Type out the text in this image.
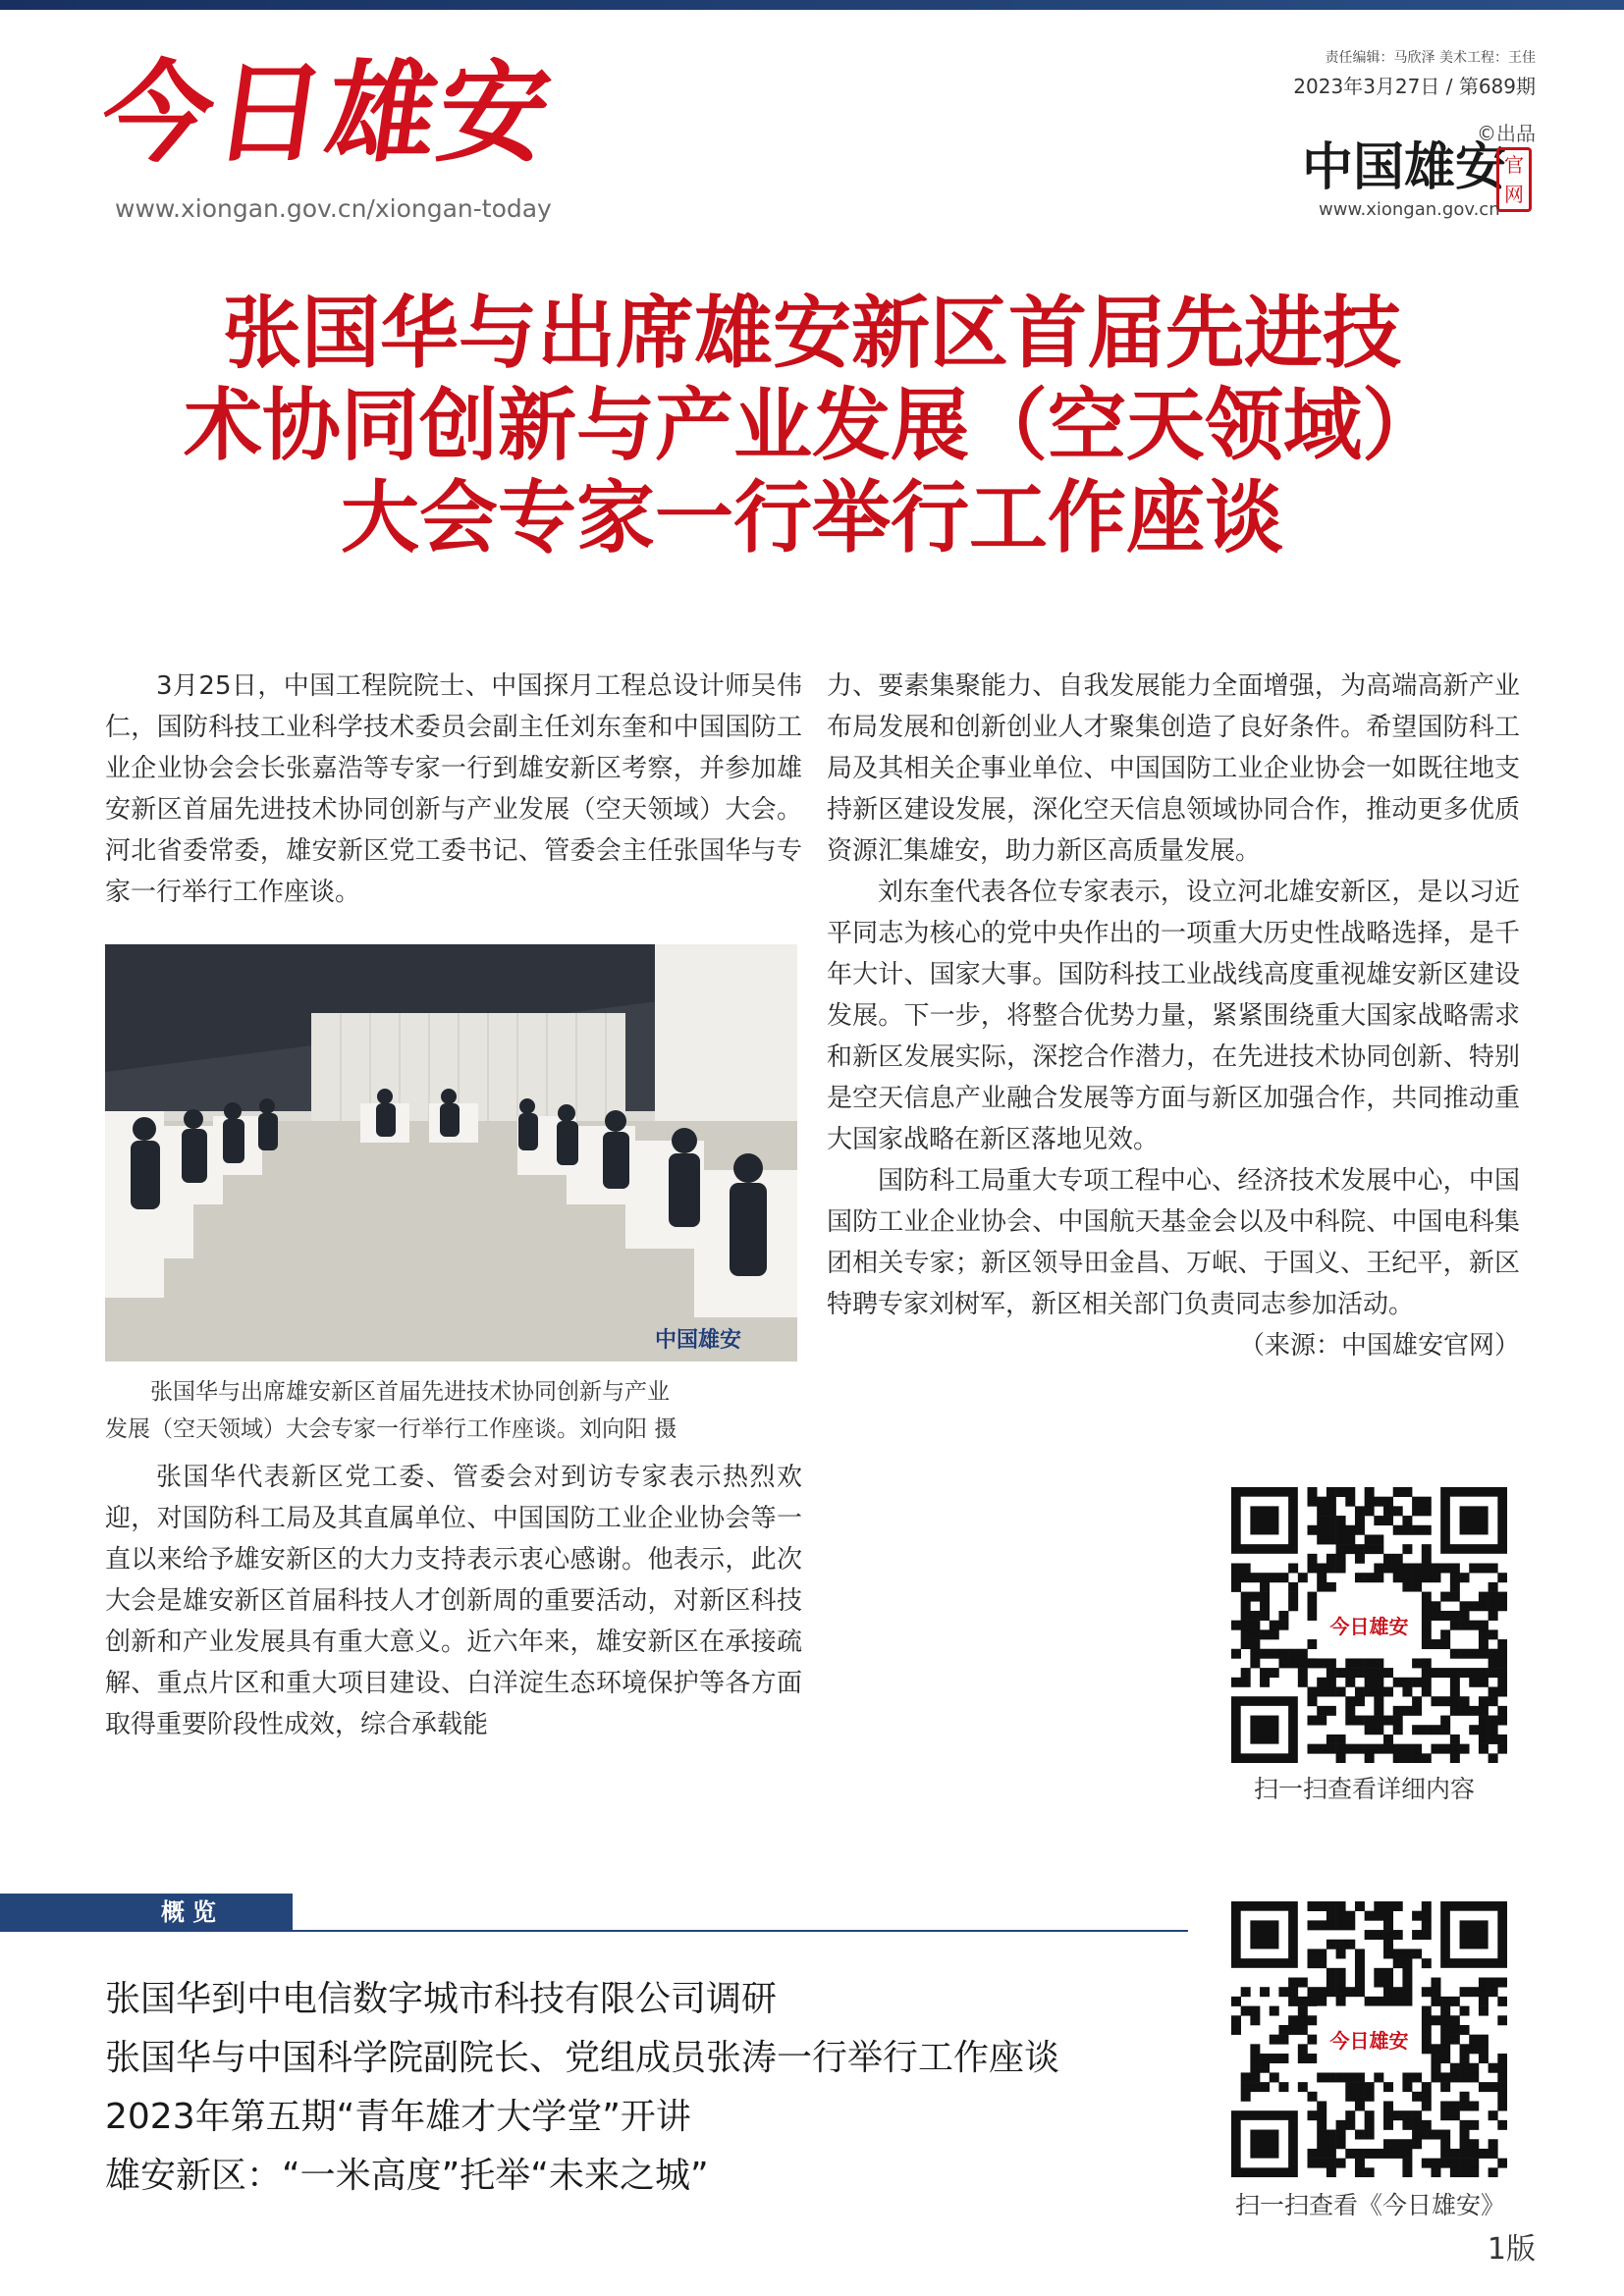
今日雄安
www.xiongan.gov.cn/xiongan-today
责任编辑：马欣泽 美术工程：王佳
2023年3月27日 / 第689期
©出品
中国雄安
官网
www.xiongan.gov.cn
张国华与出席雄安新区首届先进技
术协同创新与产业发展（空天领域）
大会专家一行举行工作座谈

3月25日，中国工程院院士、中国探月工程总设计师吴伟仁，国防科技工业科学技术委员会副主任刘东奎和中国国防工业企业协会会长张嘉浩等专家一行到雄安新区考察，并参加雄安新区首届先进技术协同创新与产业发展（空天领域）大会。河北省委常委，雄安新区党工委书记、管委会主任张国华与专家一行举行工作座谈。

中国雄安
张国华与出席雄安新区首届先进技术协同创新与产业
发展（空天领域）大会专家一行举行工作座谈。刘向阳 摄

张国华代表新区党工委、管委会对到访专家表示热烈欢迎，对国防科工局及其直属单位、中国国防工业企业协会等一直以来给予雄安新区的大力支持表示衷心感谢。他表示，此次大会是雄安新区首届科技人才创新周的重要活动，对新区科技创新和产业发展具有重大意义。近六年来，雄安新区在承接疏解、重点片区和重大项目建设、白洋淀生态环境保护等各方面取得重要阶段性成效，综合承载能

力、要素集聚能力、自我发展能力全面增强，为高端高新产业布局发展和创新创业人才聚集创造了良好条件。希望国防科工局及其相关企事业单位、中国国防工业企业协会一如既往地支持新区建设发展，深化空天信息领域协同合作，推动更多优质资源汇集雄安，助力新区高质量发展。

刘东奎代表各位专家表示，设立河北雄安新区，是以习近平同志为核心的党中央作出的一项重大历史性战略选择，是千年大计、国家大事。国防科技工业战线高度重视雄安新区建设发展。下一步，将整合优势力量，紧紧围绕重大国家战略需求和新区发展实际，深挖合作潜力，在先进技术协同创新、特别是空天信息产业融合发展等方面与新区加强合作，共同推动重大国家战略在新区落地见效。

国防科工局重大专项工程中心、经济技术发展中心，中国国防工业企业协会、中国航天基金会以及中科院、中国电科集团相关专家；新区领导田金昌、万岷、于国义、王纪平，新区特聘专家刘树军，新区相关部门负责同志参加活动。

（来源：中国雄安官网）
今日雄安
扫一扫查看详细内容
今日雄安
扫一扫查看《今日雄安》
概览
张国华到中电信数字城市科技有限公司调研
张国华与中国科学院副院长、党组成员张涛一行举行工作座谈
2023年第五期“青年雄才大学堂”开讲
雄安新区：“一米高度”托举“未来之城”
1版
